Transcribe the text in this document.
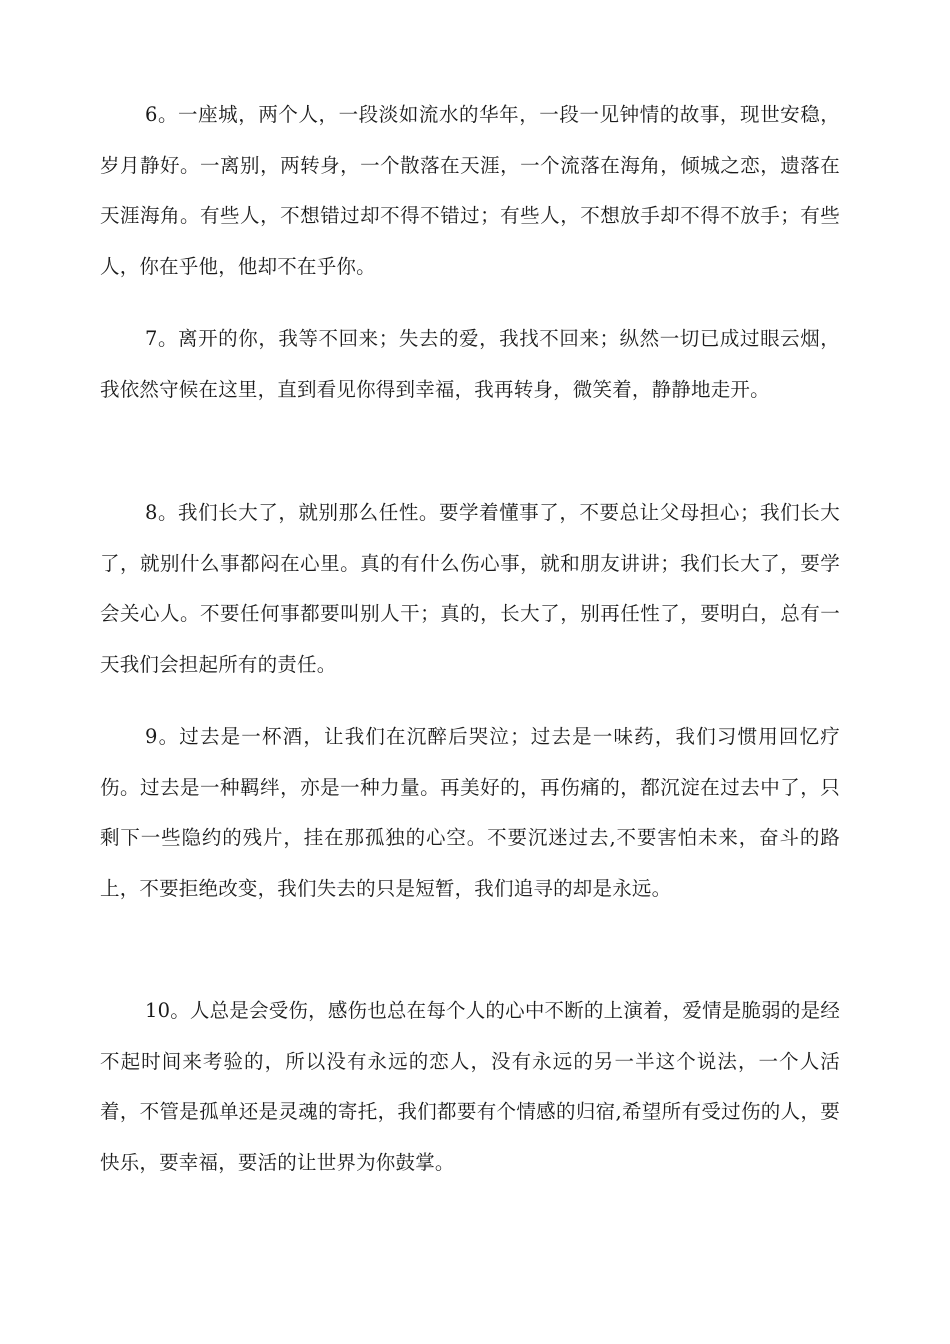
6。一座城，两个人，一段淡如流水的华年，一段一见钟情的故事，现世安稳，岁月静好。一离别，两转身，一个散落在天涯，一个流落在海角，倾城之恋，遗落在天涯海角。有些人，不想错过却不得不错过；有些人，不想放手却不得不放手；有些人，你在乎他，他却不在乎你。

7。离开的你，我等不回来；失去的爱，我找不回来；纵然一切已成过眼云烟，我依然守候在这里，直到看见你得到幸福，我再转身，微笑着，静静地走开。

8。我们长大了，就别那么任性。要学着懂事了，不要总让父母担心；我们长大了，就别什么事都闷在心里。真的有什么伤心事，就和朋友讲讲；我们长大了，要学会关心人。不要任何事都要叫别人干；真的，长大了，别再任性了，要明白，总有一天我们会担起所有的责任。

9。过去是一杯酒，让我们在沉醉后哭泣；过去是一味药，我们习惯用回忆疗伤。过去是一种羁绊，亦是一种力量。再美好的，再伤痛的，都沉淀在过去中了，只剩下一些隐约的残片，挂在那孤独的心空。不要沉迷过去,不要害怕未来，奋斗的路上，不要拒绝改变，我们失去的只是短暂，我们追寻的却是永远。

10。人总是会受伤，感伤也总在每个人的心中不断的上演着，爱情是脆弱的是经不起时间来考验的，所以没有永远的恋人，没有永远的另一半这个说法，一个人活着，不管是孤单还是灵魂的寄托，我们都要有个情感的归宿,希望所有受过伤的人，要快乐，要幸福，要活的让世界为你鼓掌。
